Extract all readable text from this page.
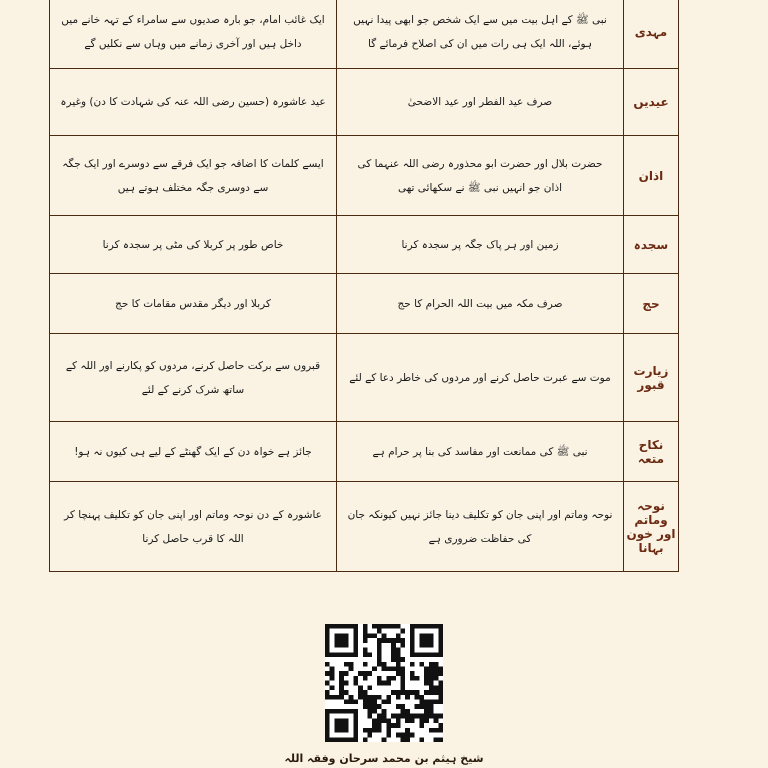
مہدی	نبی ﷺ کے اہل بیت میں سے ایک شخص جو ابھی پیدا نہیں ہوئے، اللہ ایک ہی رات میں ان کی اصلاح فرمائے گا	ایک غائب امام، جو بارہ صدیوں سے سامراء کے تہہ خانے میں داخل ہیں اور آخری زمانے میں وہاں سے نکلیں گے
عیدیں	صرف عید الفطر اور عید الاضحیٰ	عید عاشورہ (حسین رضی اللہ عنہ کی شہادت کا دن) وغیرہ
اذان	حضرت بلال اور حضرت ابو محذورہ رضی اللہ عنہما کی اذان جو انہیں نبی ﷺ نے سکھائی تھی	ایسے کلمات کا اضافہ جو ایک فرقے سے دوسرے اور ایک جگہ سے دوسری جگہ مختلف ہوتے ہیں
سجدہ	زمین اور ہر پاک جگہ پر سجدہ کرنا	خاص طور پر کربلا کی مٹی پر سجدہ کرنا
حج	صرف مکہ میں بیت اللہ الحرام کا حج	کربلا اور دیگر مقدس مقامات کا حج
زیارت قبور	موت سے عبرت حاصل کرنے اور مردوں کی خاطر دعا کے لئے	قبروں سے برکت حاصل کرنے، مردوں کو پکارنے اور اللہ کے ساتھ شرک کرنے کے لئے
نکاح متعہ	نبی ﷺ کی ممانعت اور مفاسد کی بنا پر حرام ہے	جائز ہے خواہ دن کے ایک گھنٹے کے لیے ہی کیوں نہ ہو!
نوحہ وماتم اور خون بہانا	نوحہ وماتم اور اپنی جان کو تکلیف دینا جائز نہیں کیونکہ جان کی حفاظت ضروری ہے	عاشورہ کے دن نوحہ وماتم اور اپنی جان کو تکلیف پہنچا کر اللہ کا قرب حاصل کرنا
شیخ ہیثم بن محمد سرحان وفقہ اللہ
